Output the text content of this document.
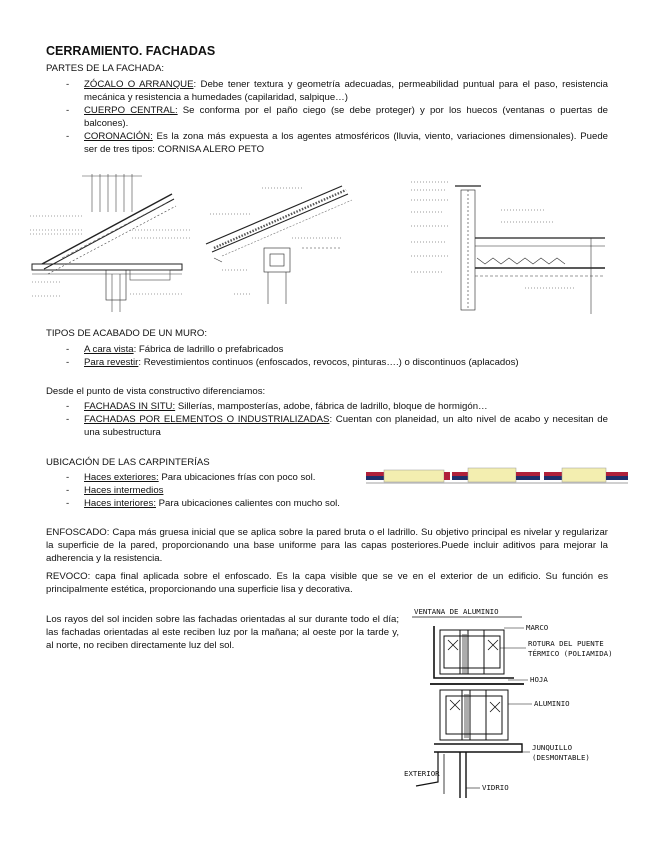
CERRAMIENTO. FACHADAS
PARTES DE LA FACHADA:
- ZÓCALO O ARRANQUE: Debe tener textura y geometría adecuadas, permeabilidad puntual para el paso, resistencia mecánica y resistencia a humedades (capilaridad, salpique…)
- CUERPO CENTRAL: Se conforma por el paño ciego (se debe proteger) y por los huecos (ventanas o puertas de balcones).
- CORONACIÓN: Es la zona más expuesta a los agentes atmosféricos (lluvia, viento, variaciones dimensionales). Puede ser de tres tipos: CORNISA ALERO PETO
TIPOS DE ACABADO DE UN MURO:
- A cara vista: Fábrica de ladrillo o prefabricados
- Para revestir: Revestimientos continuos (enfoscados, revocos, pinturas….) o discontinuos (aplacados)
Desde el punto de vista constructivo diferenciamos:
- FACHADAS IN SITU: Sillerías, mamposterías, adobe, fábrica de ladrillo, bloque de hormigón…
- FACHADAS POR ELEMENTOS O INDUSTRIALIZADAS: Cuentan con planeidad, un alto nivel de acabo y necesitan de una subestructura
UBICACIÓN DE LAS CARPINTERÍAS
- Haces exteriores: Para ubicaciones frías con poco sol.
- Haces intermedios
- Haces interiores: Para ubicaciones calientes con mucho sol.
ENFOSCADO: Capa más gruesa inicial que se aplica sobre la pared bruta o el ladrillo. Su objetivo principal es nivelar y regularizar la superficie de la pared, proporcionando una base uniforme para las capas posteriores.Puede incluir aditivos para mejorar la adherencia y la resistencia.
REVOCO: capa final aplicada sobre el enfoscado. Es la capa visible que se ve en el exterior de un edificio. Su función es principalmente estética, proporcionando una superficie lisa y decorativa.
Los rayos del sol inciden sobre las fachadas orientadas al sur durante todo el día; las fachadas orientadas al este reciben luz por la mañana; al oeste por la tarde y, al norte, no reciben directamente luz del sol.
VENTANA DE ALUMINIO
MARCO
ROTURA DEL PUENTE
TÉRMICO (POLIAMIDA)
HOJA
ALUMINIO
JUNQUILLO
(DESMONTABLE)
EXTERIOR
VIDRIO
